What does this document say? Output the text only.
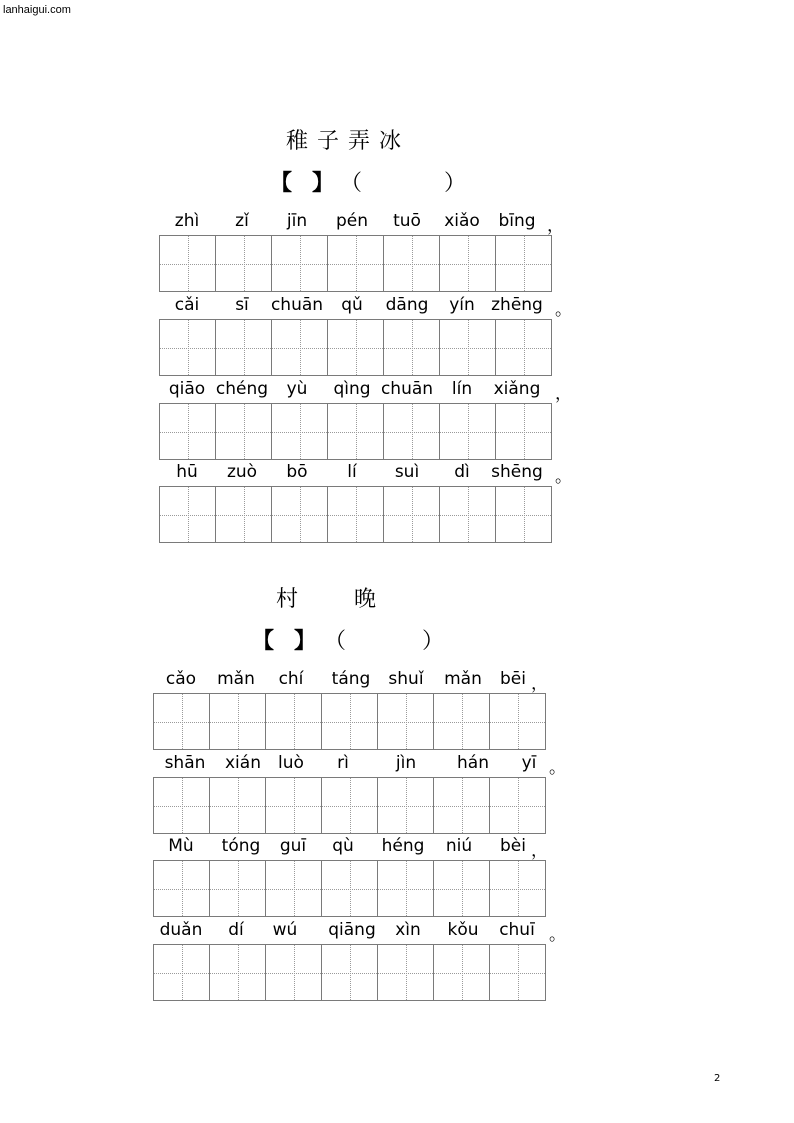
lanhaigui.com
稚子弄冰
【 】 （	）
zhì	zǐ	jīn	pén	tuō	xiǎo	bīng ，
cǎi	sī	chuān	qǔ	dāng	yín zhēng 。
qiāo chéng	yù	qìng chuān	lín	xiǎng ，
hū	zuò	bō	lí	suì	dì	shēng 。
村　　晚
【 】 （	）
cǎo	mǎn	chí	táng	shuǐ	mǎn	bēi ，
shān	xián	luò	rì	jìn	hán	yī 。
Mù	tóng	guī	qù	héng	niú	bèi ，
duǎn	dí	wú	qiāng	xìn	kǒu	chuī 。
2
